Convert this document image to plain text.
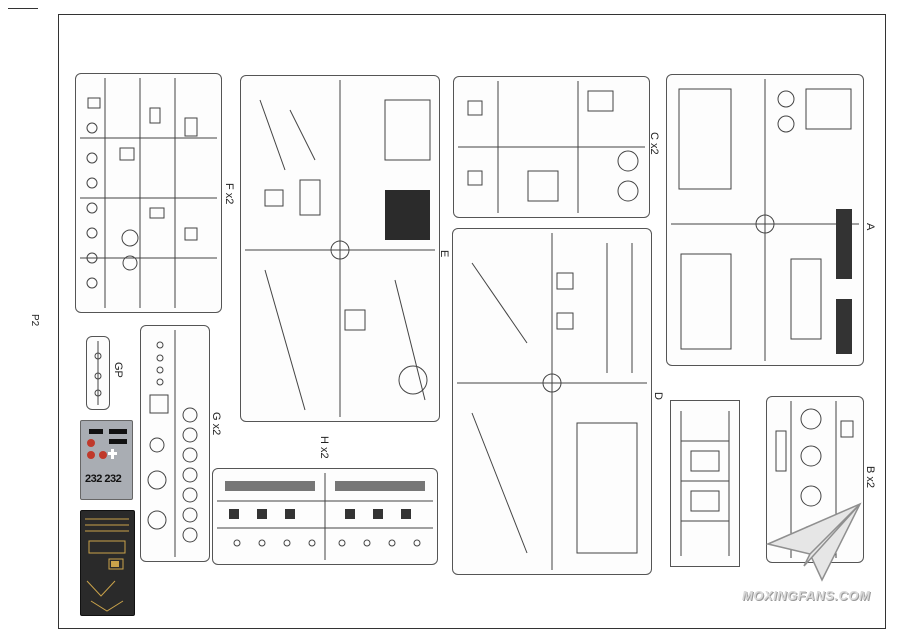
P2
F x2
E
C x2
A
D
B x2
GP
232 232
G x2
H x2
MOXINGFANS.COM
